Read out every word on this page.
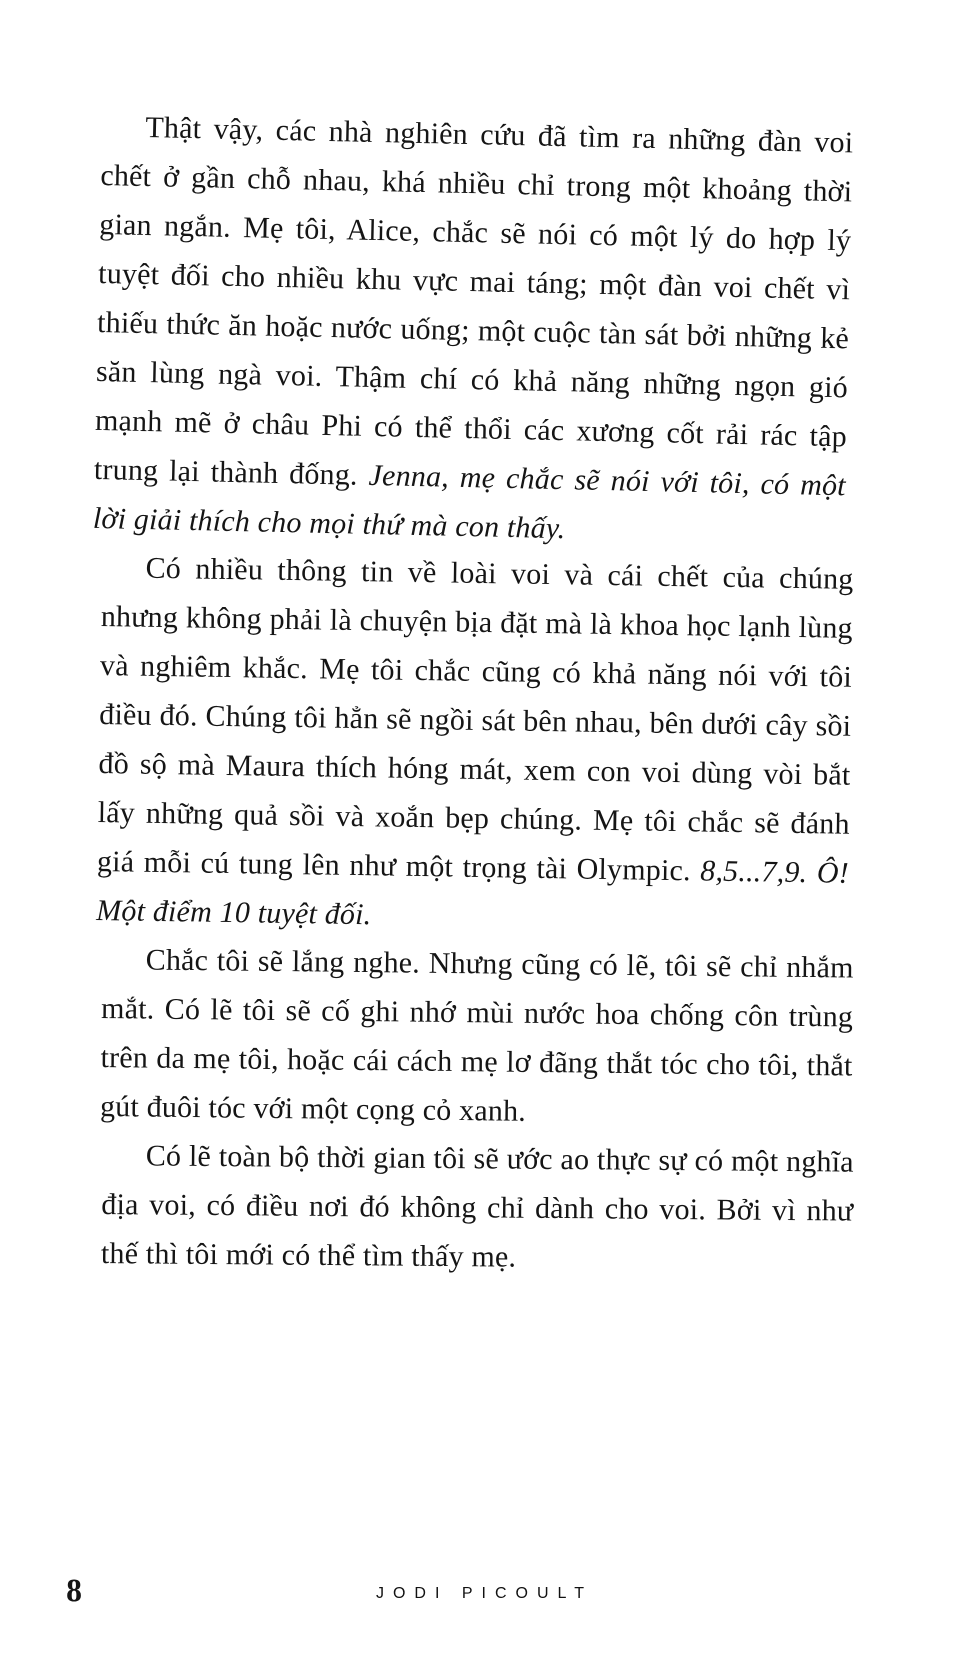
Thật vậy, các nhà nghiên cứu đã tìm ra những đàn voi chết ở gần chỗ nhau, khá nhiều chỉ trong một khoảng thời gian ngắn. Mẹ tôi, Alice, chắc sẽ nói có một lý do hợp lý tuyệt đối cho nhiều khu vực mai táng; một đàn voi chết vì thiếu thức ăn hoặc nước uống; một cuộc tàn sát bởi những kẻ săn lùng ngà voi. Thậm chí có khả năng những ngọn gió mạnh mẽ ở châu Phi có thể thổi các xương cốt rải rác tập trung lại thành đống. Jenna, mẹ chắc sẽ nói với tôi, có một lời giải thích cho mọi thứ mà con thấy.

Có nhiều thông tin về loài voi và cái chết của chúng nhưng không phải là chuyện bịa đặt mà là khoa học lạnh lùng và nghiêm khắc. Mẹ tôi chắc cũng có khả năng nói với tôi điều đó. Chúng tôi hẳn sẽ ngồi sát bên nhau, bên dưới cây sồi đồ sộ mà Maura thích hóng mát, xem con voi dùng vòi bắt lấy những quả sồi và xoắn bẹp chúng. Mẹ tôi chắc sẽ đánh giá mỗi cú tung lên như một trọng tài Olympic. 8,5...7,9. Ô! Một điểm 10 tuyệt đối.

Chắc tôi sẽ lắng nghe. Nhưng cũng có lẽ, tôi sẽ chỉ nhắm mắt. Có lẽ tôi sẽ cố ghi nhớ mùi nước hoa chống côn trùng trên da mẹ tôi, hoặc cái cách mẹ lơ đãng thắt tóc cho tôi, thắt gút đuôi tóc với một cọng cỏ xanh.

Có lẽ toàn bộ thời gian tôi sẽ ước ao thực sự có một nghĩa địa voi, có điều nơi đó không chỉ dành cho voi. Bởi vì như thế thì tôi mới có thể tìm thấy mẹ.

8	JODI PICOULT
